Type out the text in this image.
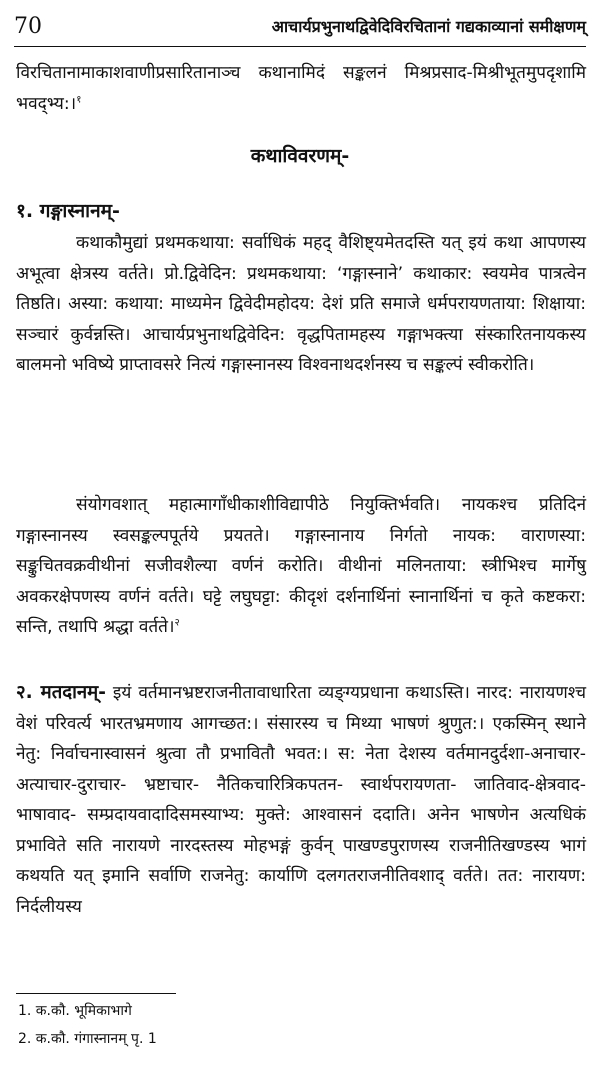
70	आचार्यप्रभुनाथद्विवेदिविरचितानां गद्यकाव्यानां समीक्षणम्

विरचितानामाकाशवाणीप्रसारितानाञ्च कथानामिदं सङ्कलनं मिश्रप्रसाद-मिश्रीभूतमुपदृशामि भवद्भ्य:।$^१$

कथाविवरणम्-
१. गङ्गास्नानम्-

कथाकौमुद्यां प्रथमकथाया: सर्वाधिकं महद् वैशिष्ट्यमेतदस्ति यत् इयं कथा आपणस्य अभूत्वा क्षेत्रस्य वर्तते। प्रो.द्विवेदिन: प्रथमकथाया: ‘गङ्गास्नाने’ कथाकार: स्वयमेव पात्रत्वेन तिष्ठति। अस्या: कथाया: माध्यमेन द्विवेदीमहोदय: देशं प्रति समाजे धर्मपरायणताया: शिक्षाया: सञ्चारं कुर्वन्नस्ति। आचार्यप्रभुनाथद्विवेदिन: वृद्धपितामहस्य गङ्गाभक्त्या संस्कारितनायकस्य बालमनो भविष्ये प्राप्तावसरे नित्यं गङ्गास्नानस्य विश्वनाथदर्शनस्य च सङ्कल्पं स्वीकरोति।

संयोगवशात् महात्मागाँधीकाशीविद्यापीठे नियुक्तिर्भवति। नायकश्च प्रतिदिनं गङ्गास्नानस्य स्वसङ्कल्पपूर्तये प्रयतते। गङ्गास्नानाय निर्गतो नायक: वाराणस्या: सङ्कुचितवक्रवीथीनां सजीवशैल्या वर्णनं करोति। वीथीनां मलिनताया: स्त्रीभिश्च मार्गेषु अवकरक्षेपणस्य वर्णनं वर्तते। घट्टे लघुघट्टा: कीदृशं दर्शनार्थिनां स्नानार्थिनां च कृते कष्टकरा: सन्ति, तथापि श्रद्धा वर्तते।$^२$

२. मतदानम्- इयं वर्तमानभ्रष्टराजनीतावाधारिता व्यङ्ग्यप्रधाना कथाऽस्ति। नारद: नारायणश्च वेशं परिवर्त्य भारतभ्रमणाय आगच्छत:। संसारस्य च मिथ्या भाषणं श्रुणुत:। एकस्मिन् स्थाने नेतु: निर्वाचनास्वासनं श्रुत्वा तौ प्रभावितौ भवत:। स: नेता देशस्य वर्तमानदुर्दशा-अनाचार- अत्याचार-दुराचार- भ्रष्टाचार- नैतिकचारित्रिकपतन- स्वार्थपरायणता- जातिवाद-क्षेत्रवाद- भाषावाद- सम्प्रदायवादादिसमस्याभ्य: मुक्ते: आश्वासनं ददाति। अनेन भाषणेन अत्यधिकं प्रभाविते सति नारायणे नारदस्तस्य मोहभङ्गं कुर्वन् पाखण्डपुराणस्य राजनीतिखण्डस्य भागं कथयति यत् इमानि सर्वाणि राजनेतु: कार्याणि दलगतराजनीतिवशाद् वर्तते। तत: नारायण: निर्दलीयस्य

1. क.कौ. भूमिकाभागे
2. क.कौ. गंगास्नानम् पृ. 1
